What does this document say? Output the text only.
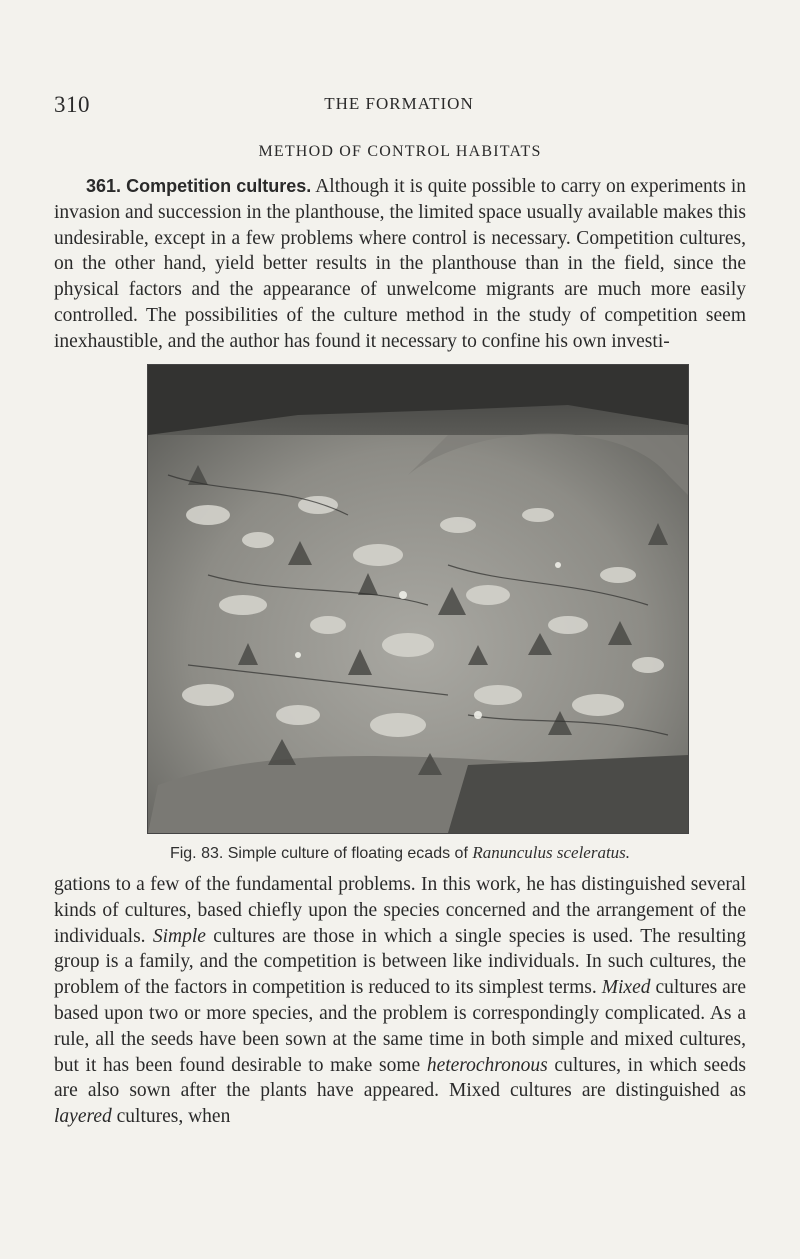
310	THE FORMATION
METHOD OF CONTROL HABITATS

361. Competition cultures. Although it is quite possible to carry on experiments in invasion and succession in the planthouse, the limited space usually available makes this undesirable, except in a few problems where control is necessary. Competition cultures, on the other hand, yield better results in the planthouse than in the field, since the physical factors and the appearance of unwelcome migrants are much more easily controlled. The possibilities of the culture method in the study of competition seem inexhaustible, and the author has found it necessary to confine his own investi-

Fig. 83. Simple culture of floating ecads of Ranunculus sceleratus.

gations to a few of the fundamental problems. In this work, he has distinguished several kinds of cultures, based chiefly upon the species concerned and the arrangement of the individuals. Simple cultures are those in which a single species is used. The resulting group is a family, and the competition is between like individuals. In such cultures, the problem of the factors in competition is reduced to its simplest terms. Mixed cultures are based upon two or more species, and the problem is correspondingly complicated. As a rule, all the seeds have been sown at the same time in both simple and mixed cultures, but it has been found desirable to make some heterochronous cultures, in which seeds are also sown after the plants have appeared. Mixed cultures are distinguished as layered cultures, when
